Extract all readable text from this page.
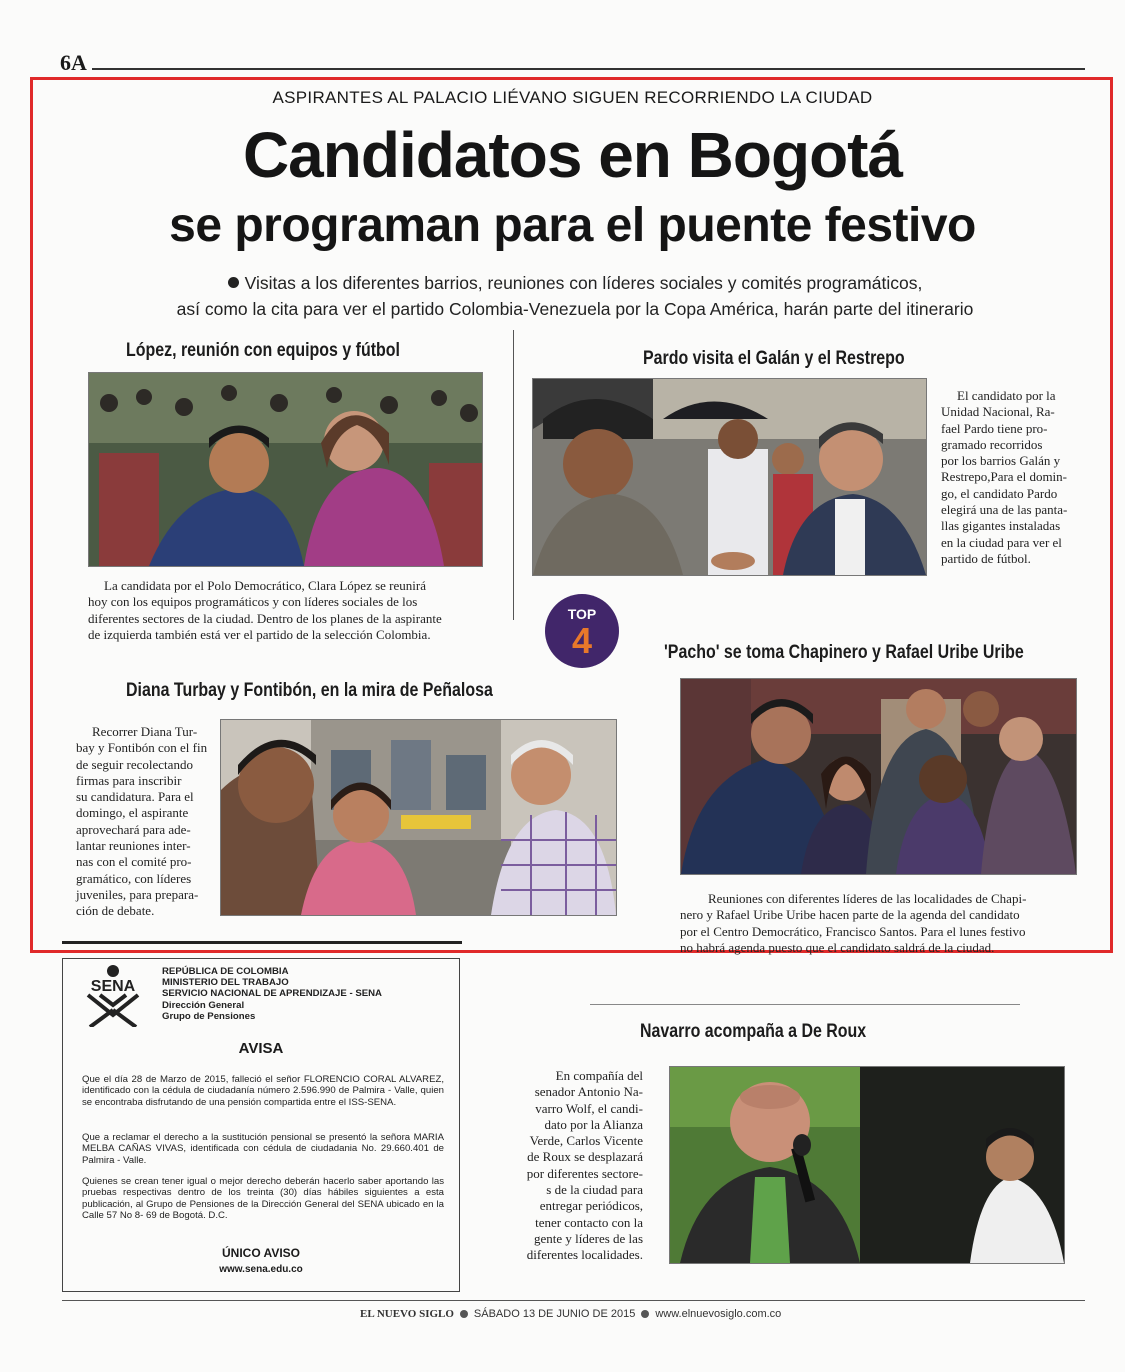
6A
ASPIRANTES AL PALACIO LIÉVANO SIGUEN RECORRIENDO LA CIUDAD
Candidatos en Bogotá
se programan para el puente festivo
Visitas a los diferentes barrios, reuniones con líderes sociales y comités programáticos,
así como la cita para ver el partido Colombia-Venezuela por la Copa América, harán parte del itinerario
López, reunión con equipos y fútbol
La candidata por el Polo Democrático, Clara López se reunirá
hoy con los equipos programáticos y con líderes sociales de los
diferentes sectores de la ciudad. Dentro de los planes de la aspirante
de izquierda también está ver el partido de la selección Colombia.
Pardo visita el Galán y el Restrepo
El candidato por la
Unidad Nacional, Ra-
fael Pardo tiene pro-
gramado recorridos
por los barrios Galán y
Restrepo,Para el domin-
go, el candidato Pardo
elegirá una de las panta-
llas gigantes instaladas
en la ciudad para ver el
partido de fútbol.
TOP
4
Diana Turbay y Fontibón, en la mira de Peñalosa
Recorrer Diana Tur-
bay y Fontibón con el fin
de seguir recolectando
firmas para inscribir
su candidatura. Para el
domingo, el aspirante
aprovechará para ade-
lantar reuniones inter-
nas con el comité pro-
gramático, con líderes
juveniles, para prepara-
ción de debate.
'Pacho' se toma Chapinero y Rafael Uribe Uribe
Reuniones con diferentes líderes de las localidades de Chapi-
nero y Rafael Uribe Uribe hacen parte de la agenda del candidato
por el Centro Democrático, Francisco Santos. Para el lunes festivo
no habrá agenda puesto que el candidato saldrá de la ciudad.
SENA
REPÚBLICA DE COLOMBIA
MINISTERIO DEL TRABAJO
SERVICIO NACIONAL DE APRENDIZAJE - SENA
Dirección General
Grupo de Pensiones
AVISA
Que el día 28 de Marzo de 2015, falleció el señor FLORENCIO CORAL ALVAREZ, identificado con la cédula de ciudadanía número 2.596.990 de Palmira - Valle, quien se encontraba disfrutando de una pensión compartida entre el ISS-SENA.
Que a reclamar el derecho a la sustitución pensional se presentó la señora MARIA MELBA CAÑAS VIVAS, identificada con cédula de ciudadania No. 29.660.401 de Palmira - Valle.
Quienes se crean tener igual o mejor derecho deberán hacerlo saber aportando las pruebas respectivas dentro de los treinta (30) días hábiles siguientes a esta publicación, al Grupo de Pensiones de la Dirección General del SENA ubicado en la Calle 57 No 8- 69 de Bogotá. D.C.
ÚNICO AVISO
www.sena.edu.co
Navarro acompaña a De Roux
En compañía del
senador Antonio Na-
varro Wolf, el candi-
dato por la Alianza
Verde, Carlos Vicente
de Roux se desplazará
por diferentes sectore-
s de la ciudad para
entregar periódicos,
tener contacto con la
gente y líderes de las
diferentes localidades.
EL NUEVO SIGLO SÁBADO 13 DE JUNIO DE 2015 www.elnuevosiglo.com.co
